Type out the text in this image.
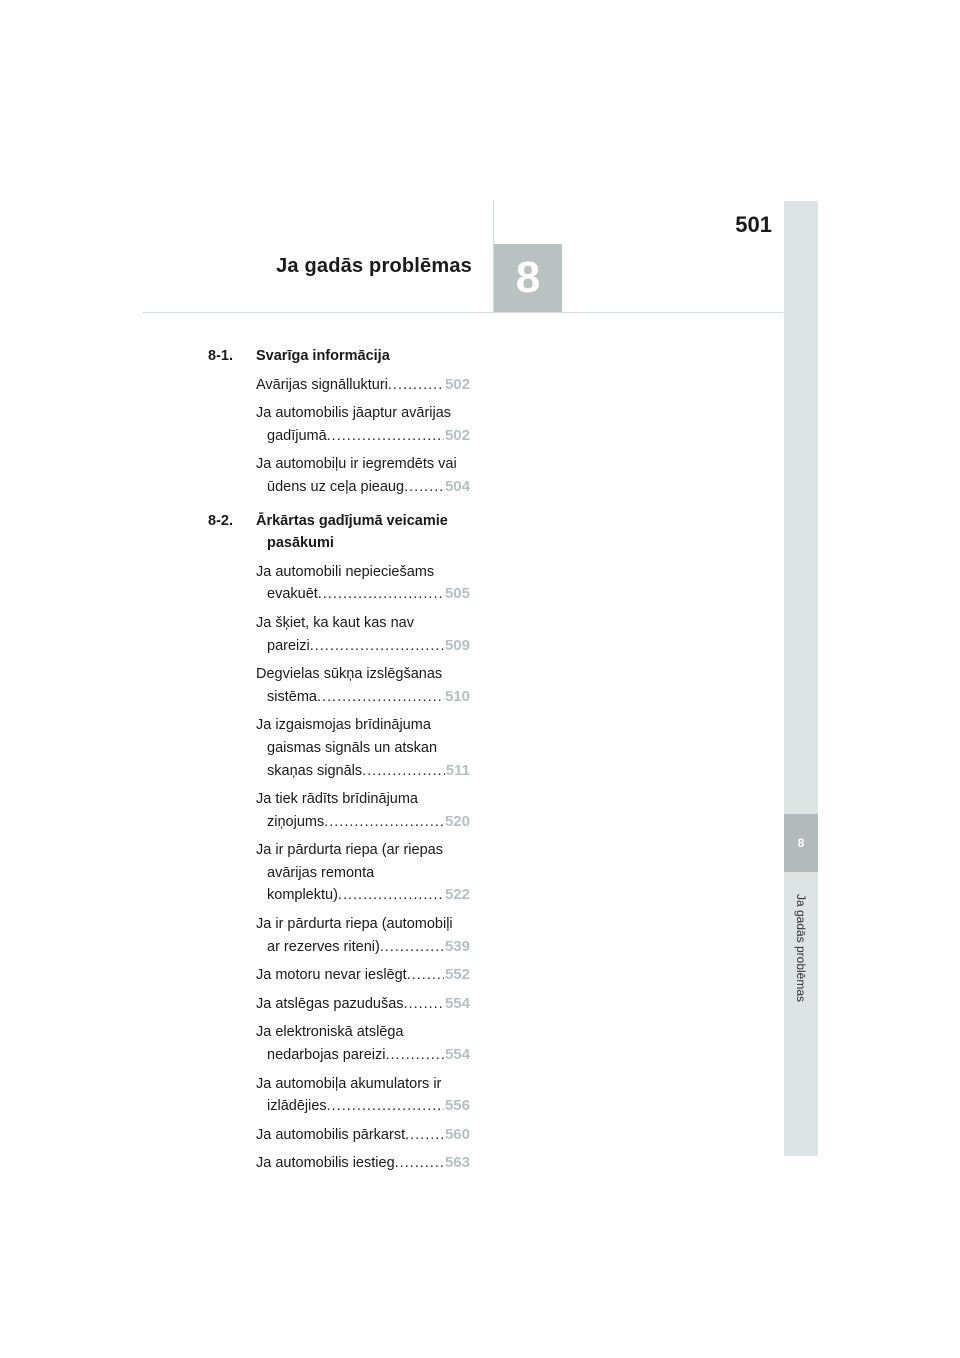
501
Ja gadās problēmas 8
8
Ja gadās problēmas
8-1.	Svarīga informācija
Avārijas signāllukturi .....	502
Ja automobilis jāaptur avārijas
gadījumā .....	502
Ja automobiļu ir iegremdēts vai
ūdens uz ceļa pieaug .....	504
8-2.	Ārkārtas gadījumā veicamie
pasākumi
Ja automobili nepieciešams
evakuēt .....	505
Ja šķiet, ka kaut kas nav
pareizi .....	509
Degvielas sūkņa izslēgšanas
sistēma .....	510
Ja izgaismojas brīdinājuma
gaismas signāls un atskan
skaņas signāls .....	511
Ja tiek rādīts brīdinājuma
ziņojums .....	520
Ja ir pārdurta riepa (ar riepas
avārijas remonta
komplektu) .....	522
Ja ir pārdurta riepa (automobiļi
ar rezerves riteni) .....	539
Ja motoru nevar ieslēgt .....	552
Ja atslēgas pazudušas .....	554
Ja elektroniskā atslēga
nedarbojas pareizi .....	554
Ja automobiļa akumulators ir
izlādējies .....	556
Ja automobilis pārkarst .....	560
Ja automobilis iestieg .....	563
